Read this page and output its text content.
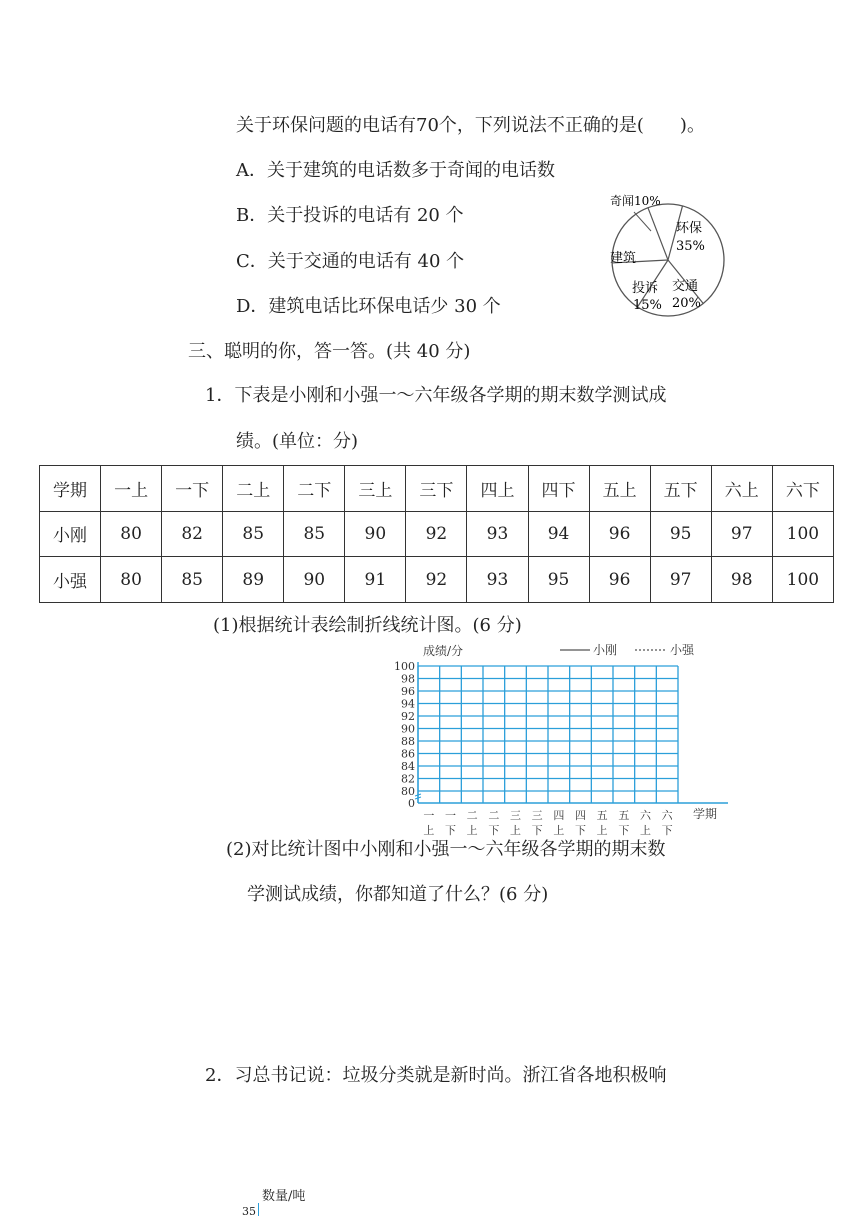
关于环保问题的电话有70个，下列说法不正确的是(　　)。
A．关于建筑的电话数多于奇闻的电话数
B．关于投诉的电话有 20 个
C．关于交通的电话有 40 个
D．建筑电话比环保电话少 30 个
奇闻10%
环保
35%
建筑
交通
20%
投诉
15%
三、聪明的你，答一答。(共 40 分)
1．下表是小刚和小强一～六年级各学期的期末数学测试成
绩。(单位：分)
学期	一上	一下	二上	二下	三上	三下	四上	四下	五上	五下	六上	六下
小刚	80	82	85	85	90	92	93	94	96	95	97	100
小强	80	85	89	90	91	92	93	95	96	97	98	100
(1)根据统计表绘制折线统计图。(6 分)
100
98
96
94
92
90
88
86
84
82
80
0
一
上
一
下
二
上
二
下
三
上
三
下
四
上
四
下
五
上
五
下
六
上
六
下
成绩/分	小刚	小强
学期
(2)对比统计图中小刚和小强一～六年级各学期的期末数
学测试成绩，你都知道了什么？(6 分)
2．习总书记说：垃圾分类就是新时尚。浙江省各地积极响
数量/吨
35
